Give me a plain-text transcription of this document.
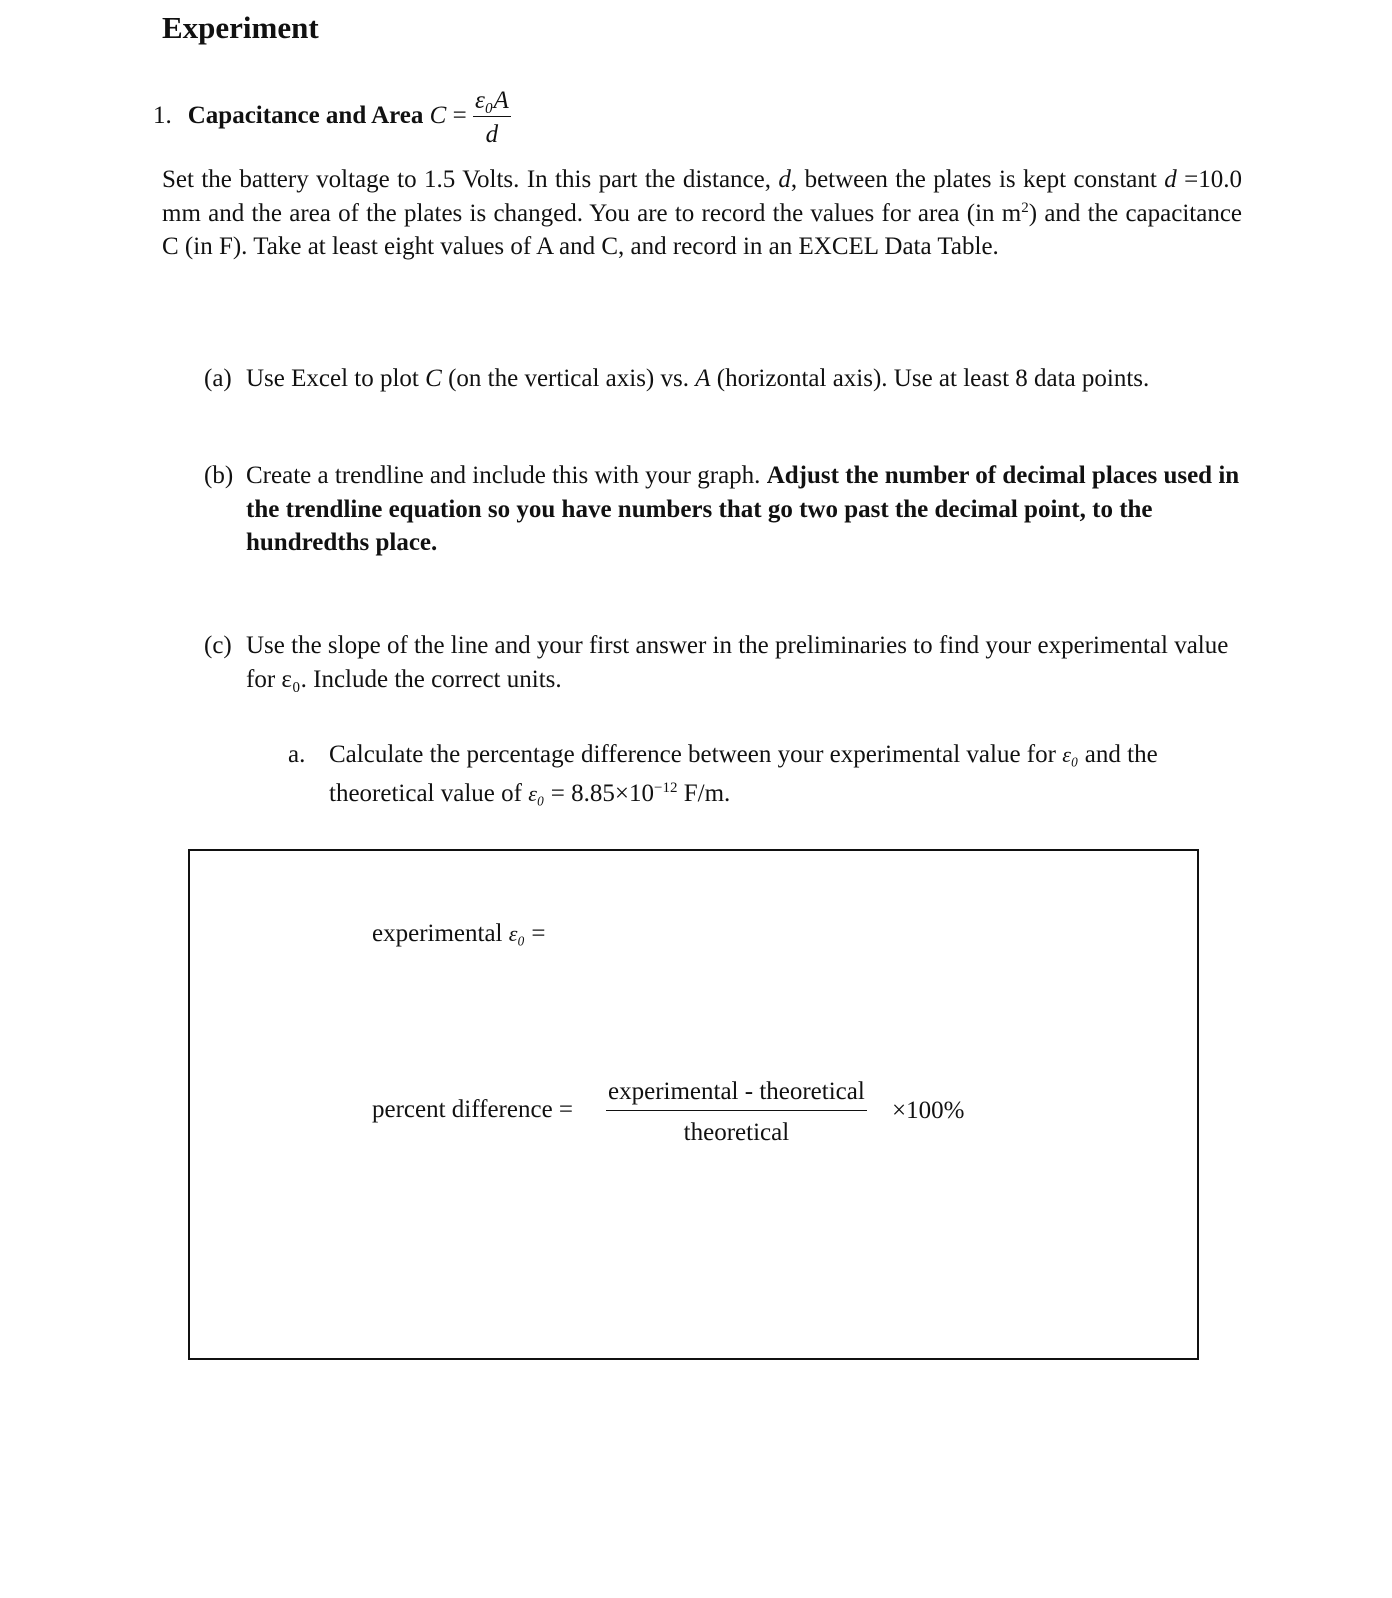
Experiment
1. Capacitance and Area $C = \frac{\text{ε₀A}}{d}$
Set the battery voltage to 1.5 Volts. In this part the distance, d, between the plates is kept constant d =10.0 mm and the area of the plates is changed. You are to record the values for area (in $m^2$) and the capacitance C (in F). Take at least eight values of A and C, and record in an EXCEL Data Table.
(a) Use Excel to plot C (on the vertical axis) vs. A (horizontal axis). Use at least 8 data points.
(b) Create a trendline and include this with your graph. Adjust the number of decimal places used in the trendline equation so you have numbers that go two past the decimal point, to the hundredths place.
(c) Use the slope of the line and your first answer in the preliminaries to find your experimental value for ε₀. Include the correct units.
a. Calculate the percentage difference between your experimental value for ε₀ and the theoretical value of $\varepsilon_0 = 8.85\times 10^{-12}$ F/m.
experimental ε₀ =
percent difference =
experimental - theoretical
theoretical
×100%
